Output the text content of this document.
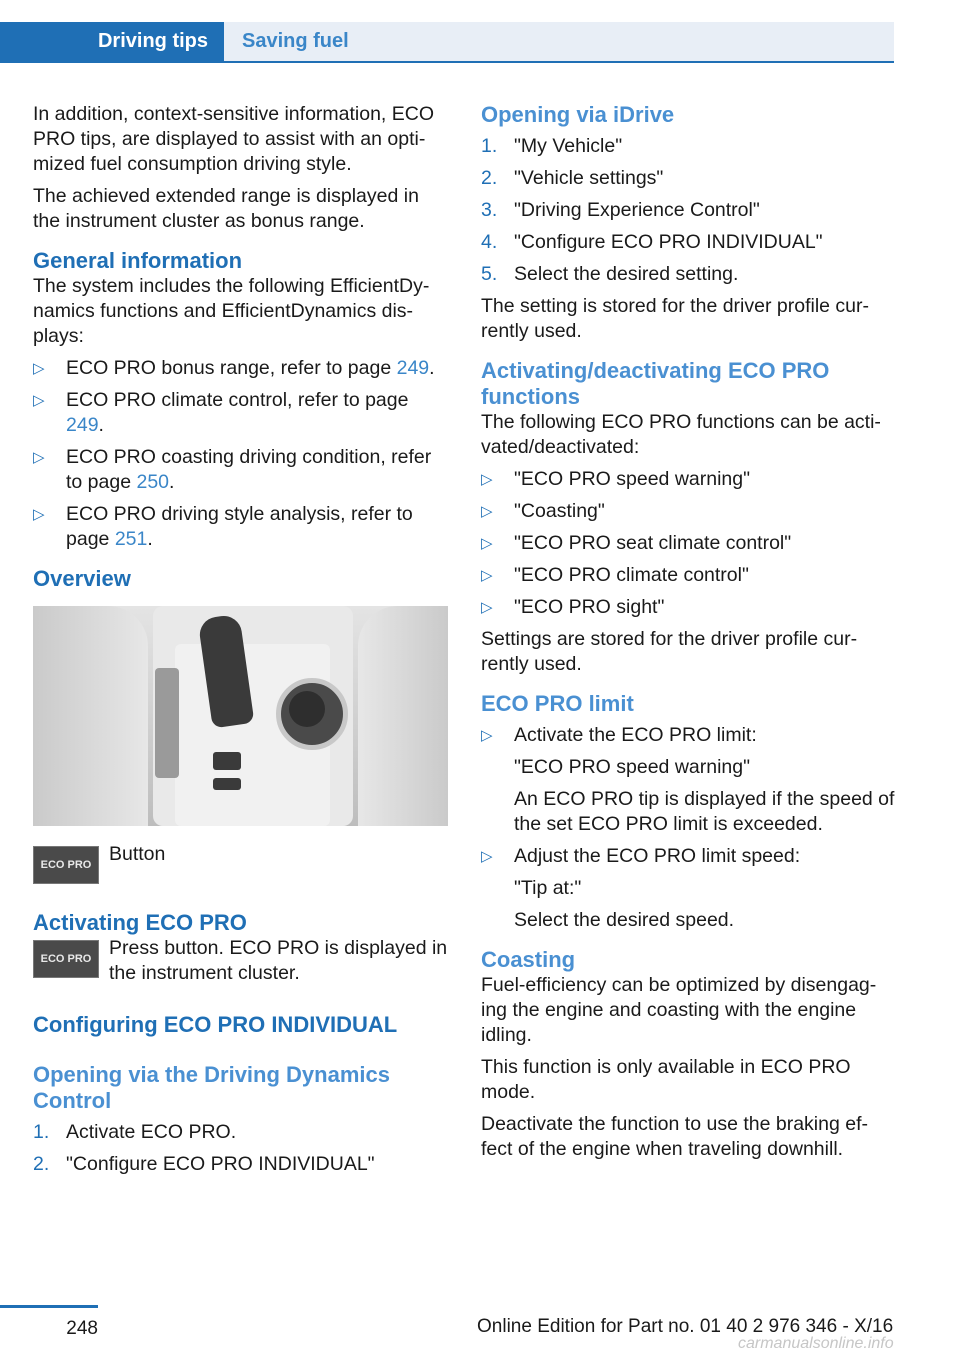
Driving tips	Saving fuel

In addition, context-sensitive information, ECO PRO tips, are displayed to assist with an opti-mized fuel consumption driving style.

The achieved extended range is displayed in the instrument cluster as bonus range.

General information

The system includes the following EfficientDy-namics functions and EfficientDynamics dis-plays:

▷	ECO PRO bonus range, refer to page 249.
▷	ECO PRO climate control, refer to page 249.
▷	ECO PRO coasting driving condition, refer to page 250.
▷	ECO PRO driving style analysis, refer to page 251.
Overview
ECO PRO Button
Activating ECO PRO
ECO PRO Press button. ECO PRO is displayed in the instrument cluster.
Configuring ECO PRO INDIVIDUAL
Opening via the Driving Dynamics Control
1. Activate ECO PRO.
2. "Configure ECO PRO INDIVIDUAL"
Opening via iDrive
1. "My Vehicle"
2. "Vehicle settings"
3. "Driving Experience Control"
4. "Configure ECO PRO INDIVIDUAL"
5. Select the desired setting.

The setting is stored for the driver profile cur-rently used.

Activating/deactivating ECO PRO functions

The following ECO PRO functions can be acti-vated/deactivated:

▷	"ECO PRO speed warning"
▷	"Coasting"
▷	"ECO PRO seat climate control"
▷	"ECO PRO climate control"
▷	"ECO PRO sight"

Settings are stored for the driver profile cur-rently used.

ECO PRO limit
▷	Activate the ECO PRO limit:
"ECO PRO speed warning"
An ECO PRO tip is displayed if the speed of the set ECO PRO limit is exceeded.
▷	Adjust the ECO PRO limit speed:
"Tip at:"
Select the desired speed.
Coasting

Fuel-efficiency can be optimized by disengag-ing the engine and coasting with the engine idling.

This function is only available in ECO PRO mode.

Deactivate the function to use the braking ef-fect of the engine when traveling downhill.

248	Online Edition for Part no. 01 40 2 976 346 - X/16
carmanualsonline.info
